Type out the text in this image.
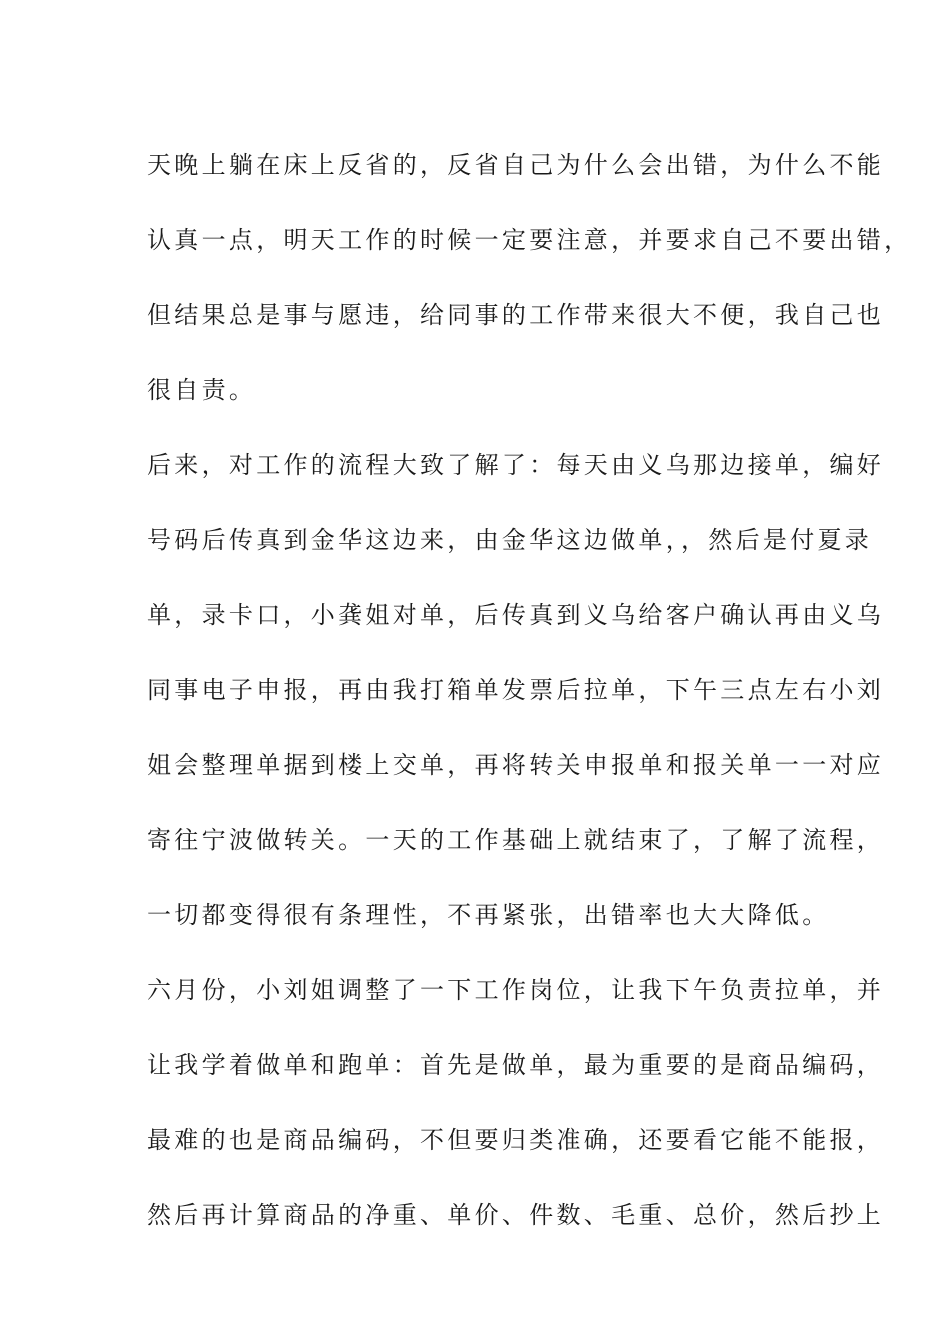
天晚上躺在床上反省的，反省自己为什么会出错，为什么不能
认真一点，明天工作的时候一定要注意，并要求自己不要出错，
但结果总是事与愿违，给同事的工作带来很大不便，我自己也
很自责。
后来，对工作的流程大致了解了：每天由义乌那边接单，编好
号码后传真到金华这边来，由金华这边做单，，然后是付夏录
单，录卡口，小龚姐对单，后传真到义乌给客户确认再由义乌
同事电子申报，再由我打箱单发票后拉单，下午三点左右小刘
姐会整理单据到楼上交单，再将转关申报单和报关单一一对应
寄往宁波做转关。一天的工作基础上就结束了，了解了流程，
一切都变得很有条理性，不再紧张，出错率也大大降低。
六月份，小刘姐调整了一下工作岗位，让我下午负责拉单，并
让我学着做单和跑单：首先是做单，最为重要的是商品编码，
最难的也是商品编码，不但要归类准确，还要看它能不能报，
然后再计算商品的净重、单价、件数、毛重、总价，然后抄上
